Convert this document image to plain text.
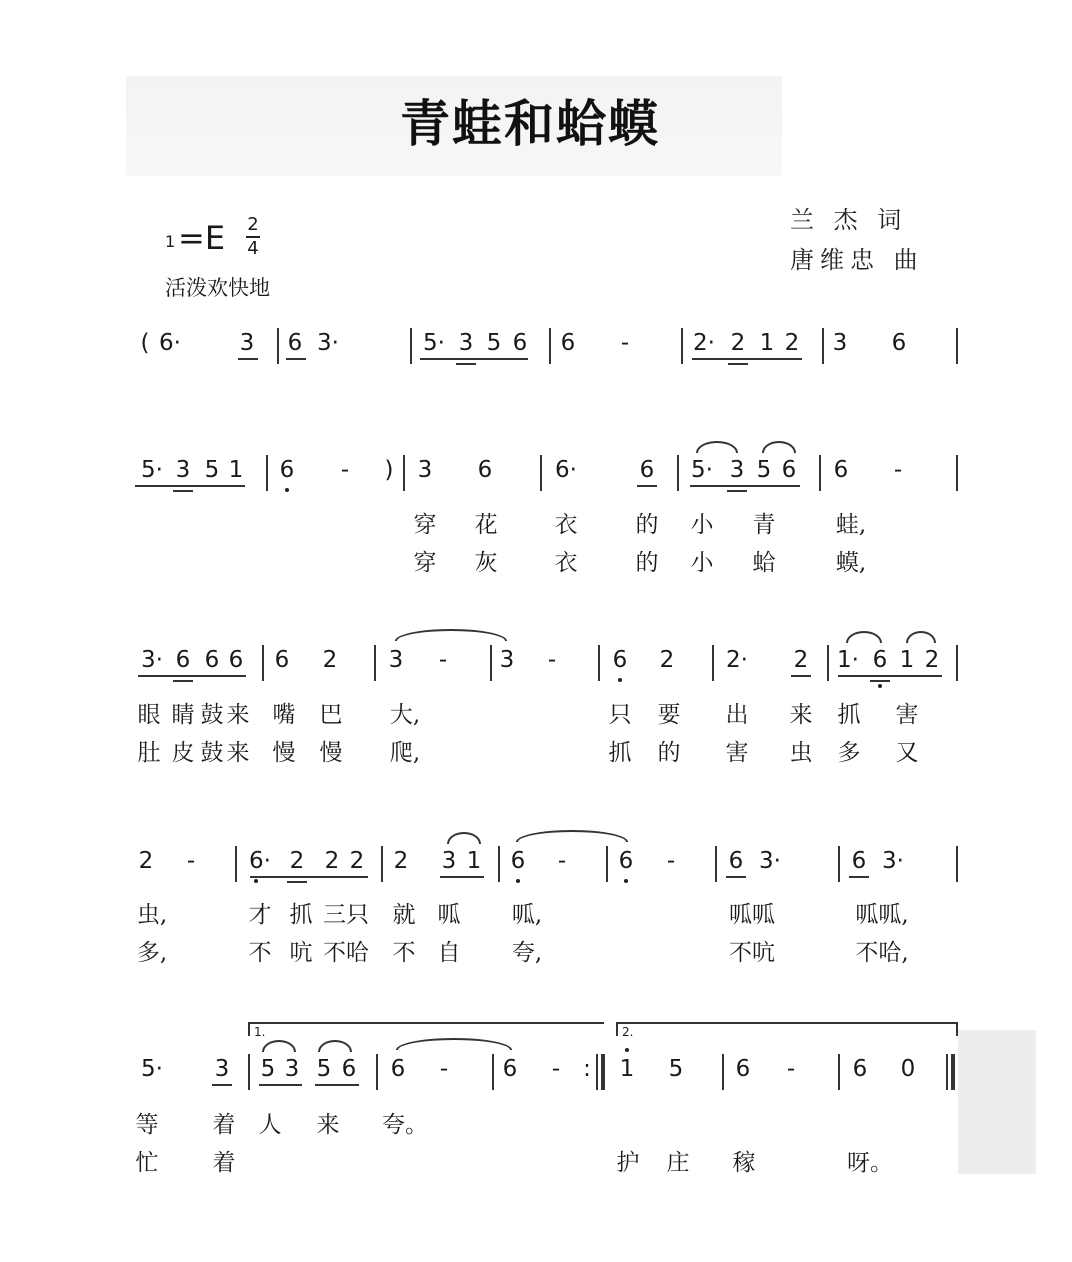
青蛙和蛤蟆
兰 杰 词
唐维忠 曲
1 =E 2
4
活泼欢快地
( 6·	3 6 3·	5· 3 5 6 6 -	2· 2 1 2 3 6
5· 3 5 1 6 - ) 3 6	6·	6 5· 3 5 6 6 -
穿 花 衣	的 小 青	蛙,
穿 灰 衣	的 小 蛤	蟆,
3· 6 6 6 6 2 3 - 3 - 6 2 2· 2 1· 6 1 2
眼 睛 鼓 来 嘴 巴 大,	只 要 出 来 抓 害
肚 皮 鼓 来 慢 慢 爬,	抓 的 害 虫 多 又
2 - 6· 2 2 2 2 3 1 6 - 6 - 6 3·	6 3·
虫,	才 抓 三只 就 呱 呱,	呱呱	呱呱,
多,	不 吭 不哈 不 自 夸,	不吭	不哈,
1.	2.
5· 3 5 3 5 6 6 - 6 - : 1 5 6 -	6 0
等 着 人 来 夸。
忙 着	护 庄 稼	呀。
